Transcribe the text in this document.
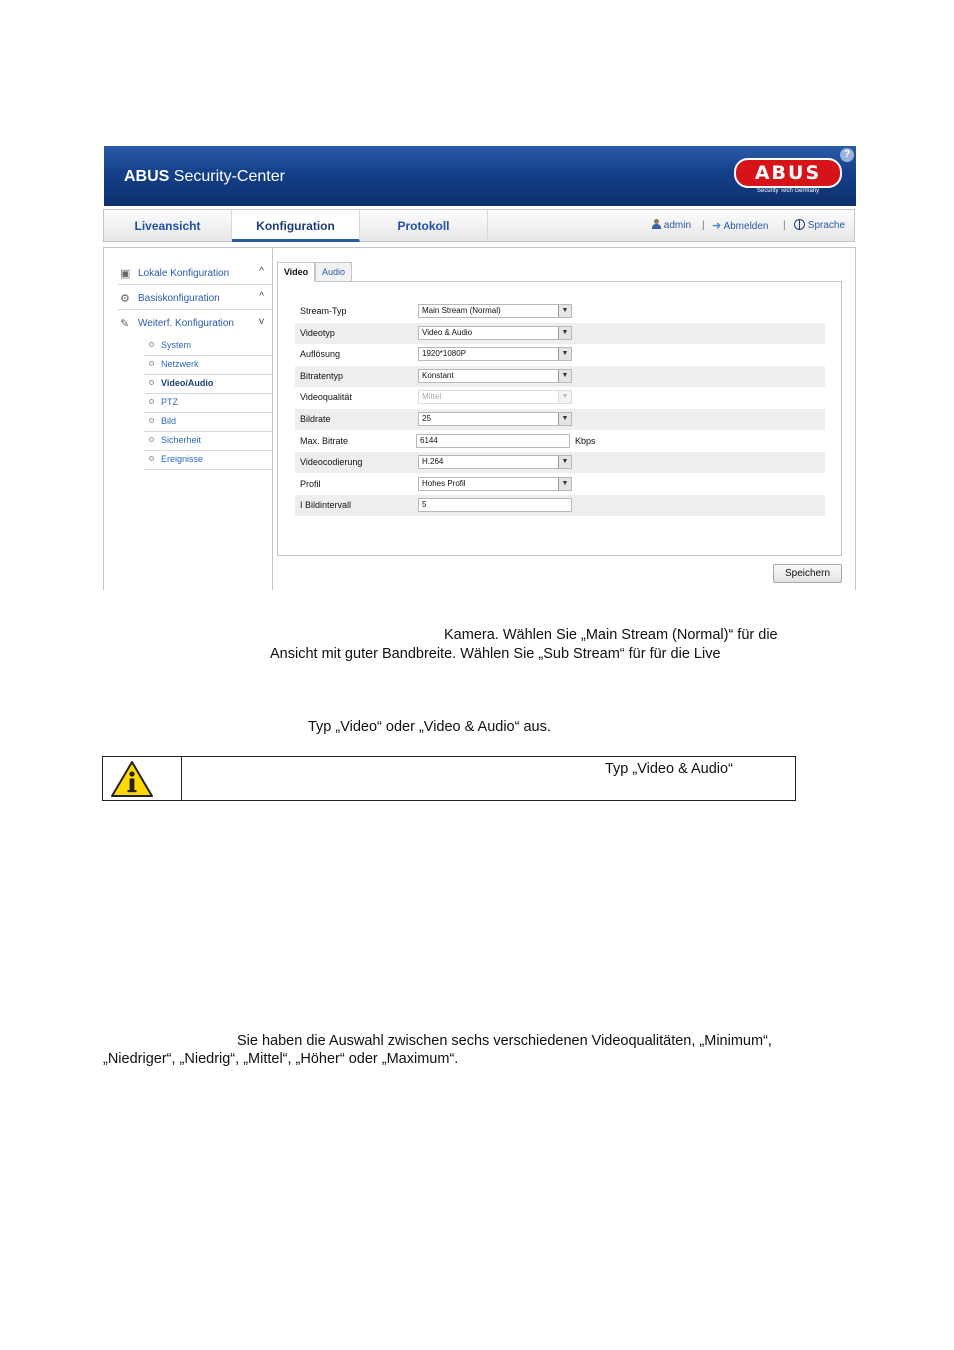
ABUS Security-Center	ABUS
Security Tech Germany
?
Liveansicht	Konfiguration	Protokoll	admin | ➜ Abmelden |	Sprache
▣ Lokale Konfiguration	^
⚙ Basiskonfiguration	^
✎ Weiterf. Konfiguration	v
System
Netzwerk
Video/Audio
PTZ
Bild
Sicherheit
Ereignisse
Video	Audio
Stream-Typ	Main Stream (Normal)	▼
Videotyp	Video & Audio	▼
Auflösung	1920*1080P	▼
Bitratentyp	Konstant	▼
Videoqualität	Mittel	▼
Bildrate	25	▼
Max. Bitrate	6144	Kbps
Videocodierung	H.264	▼
Profil	Hohes Profil	▼
I Bildintervall	5
Speichern
Kamera. Wählen Sie „Main Stream (Normal)“ für die
Ansicht mit guter Bandbreite. Wählen Sie „Sub Stream“ für für die Live
Typ „Video“ oder „Video & Audio“ aus.
Typ „Video & Audio“
Sie haben die Auswahl zwischen sechs verschiedenen Videoqualitäten, „Minimum“,
„Niedriger“, „Niedrig“, „Mittel“, „Höher“ oder „Maximum“.
